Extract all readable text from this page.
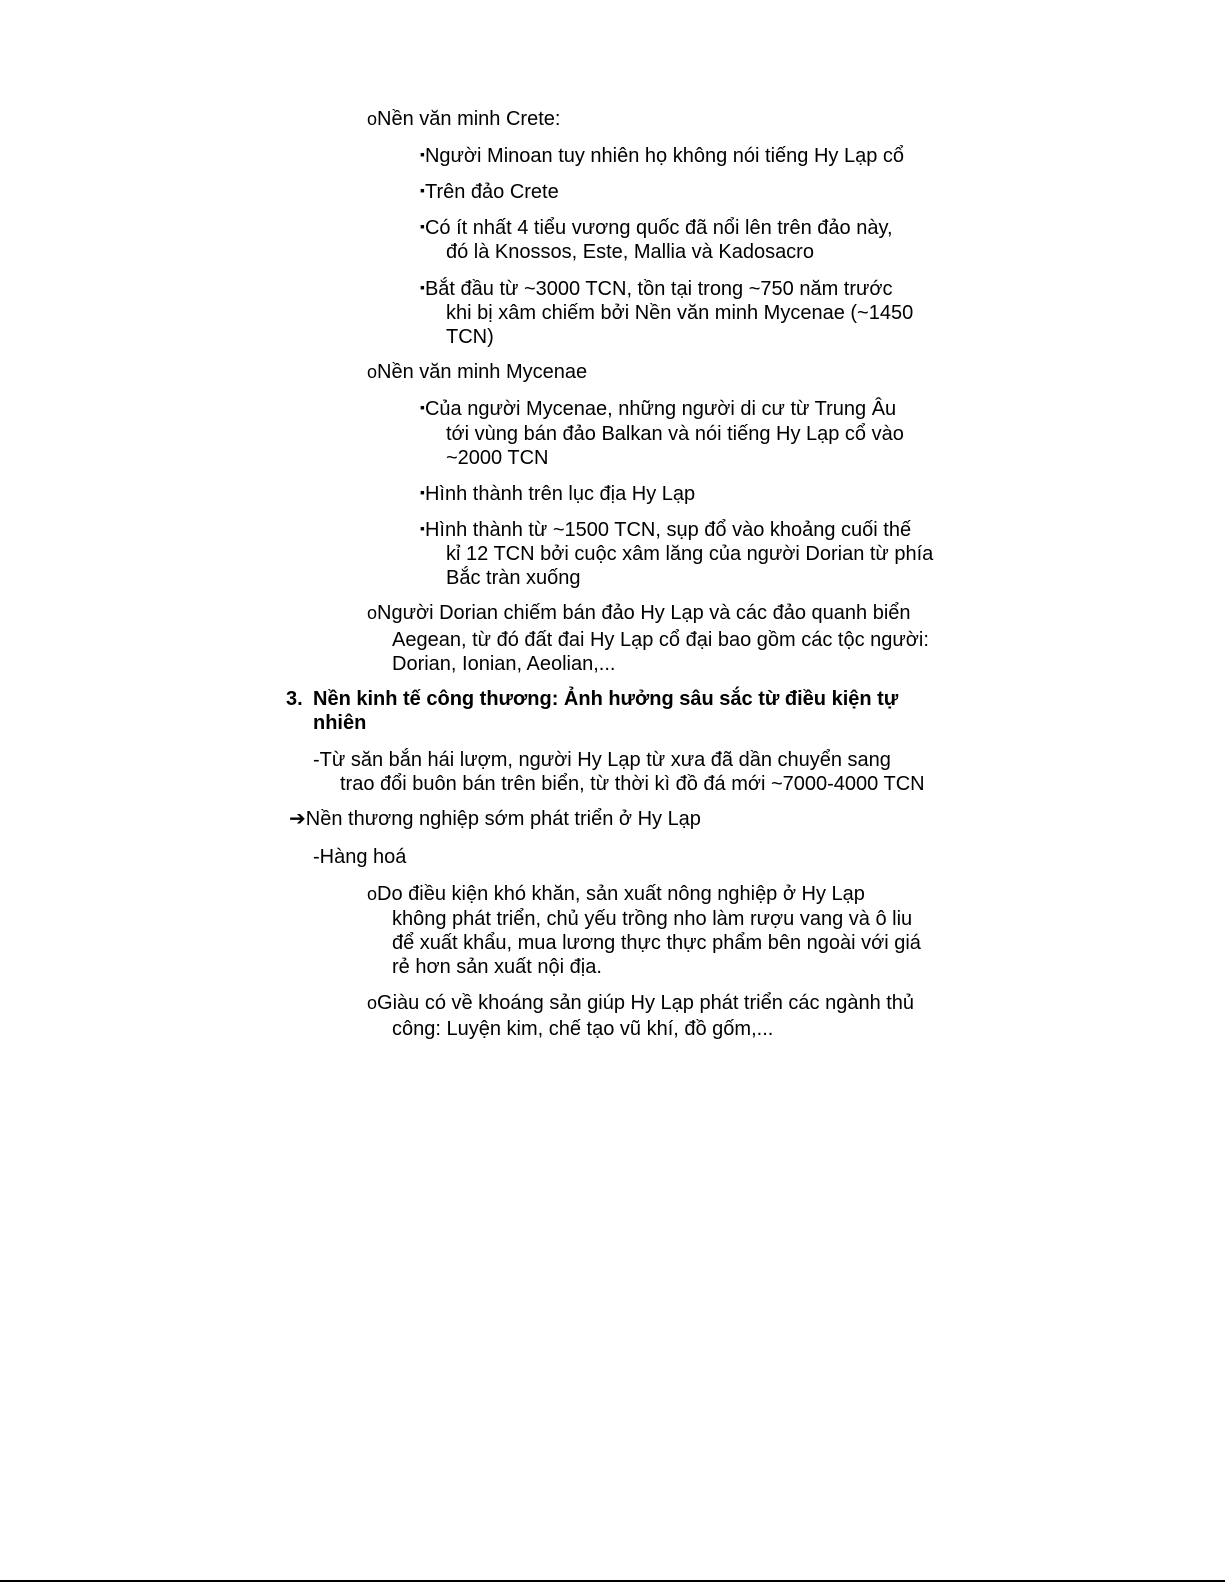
oNền văn minh Crete:
▪Người Minoan tuy nhiên họ không nói tiếng Hy Lạp cổ
▪Trên đảo Crete
▪Có ít nhất 4 tiểu vương quốc đã nổi lên trên đảo này,
đó là Knossos, Este, Mallia và Kadosacro
▪Bắt đầu từ ~3000 TCN, tồn tại trong ~750 năm trước
khi bị xâm chiếm bởi Nền văn minh Mycenae (~1450
TCN)
oNền văn minh Mycenae
▪Của người Mycenae, những người di cư từ Trung Âu
tới vùng bán đảo Balkan và nói tiếng Hy Lạp cổ vào
~2000 TCN
▪Hình thành trên lục địa Hy Lạp
▪Hình thành từ ~1500 TCN, sụp đổ vào khoảng cuối thế
kỉ 12 TCN bởi cuộc xâm lăng của người Dorian từ phía
Bắc tràn xuống
oNgười Dorian chiếm bán đảo Hy Lạp và các đảo quanh biển
Aegean, từ đó đất đai Hy Lạp cổ đại bao gồm các tộc người:
Dorian, Ionian, Aeolian,...
3. Nền kinh tế công thương: Ảnh hưởng sâu sắc từ điều kiện tự
nhiên
-Từ săn bắn hái lượm, người Hy Lạp từ xưa đã dần chuyển sang
trao đổi buôn bán trên biển, từ thời kì đồ đá mới ~7000-4000 TCN
➔Nền thương nghiệp sớm phát triển ở Hy Lạp
-Hàng hoá
oDo điều kiện khó khăn, sản xuất nông nghiệp ở Hy Lạp
không phát triển, chủ yếu trồng nho làm rượu vang và ô liu
để xuất khẩu, mua lương thực thực phẩm bên ngoài với giá
rẻ hơn sản xuất nội địa.
oGiàu có về khoáng sản giúp Hy Lạp phát triển các ngành thủ
công: Luyện kim, chế tạo vũ khí, đồ gốm,...
